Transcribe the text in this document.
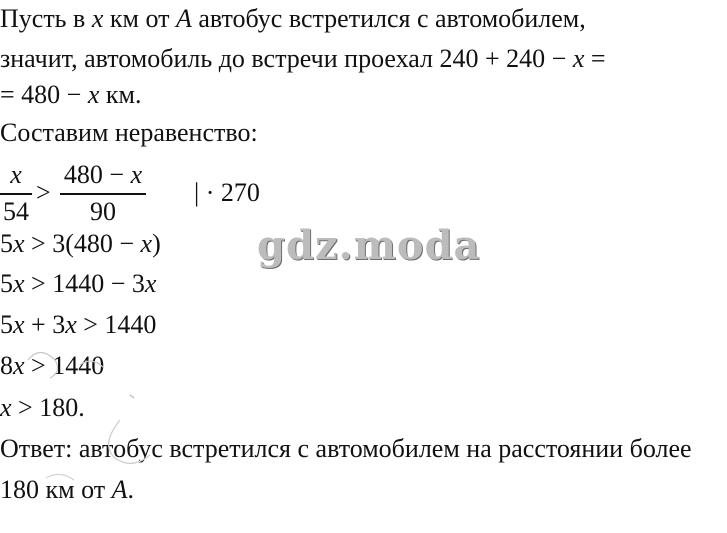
Пусть в x км от A автобус встретился с автомобилем,
значит, автомобиль до встречи проехал 240 + 240 − x =
= 480 − x км.
Составим неравенство:
x
54
>
480 − x
90
| · 270
5x > 3(480 − x)
5x > 1440 − 3x
5x + 3x > 1440
8x > 1440
x > 180.
Ответ: автобус встретился с автомобилем на расстоянии более
180 км от A.
gdz.moda
